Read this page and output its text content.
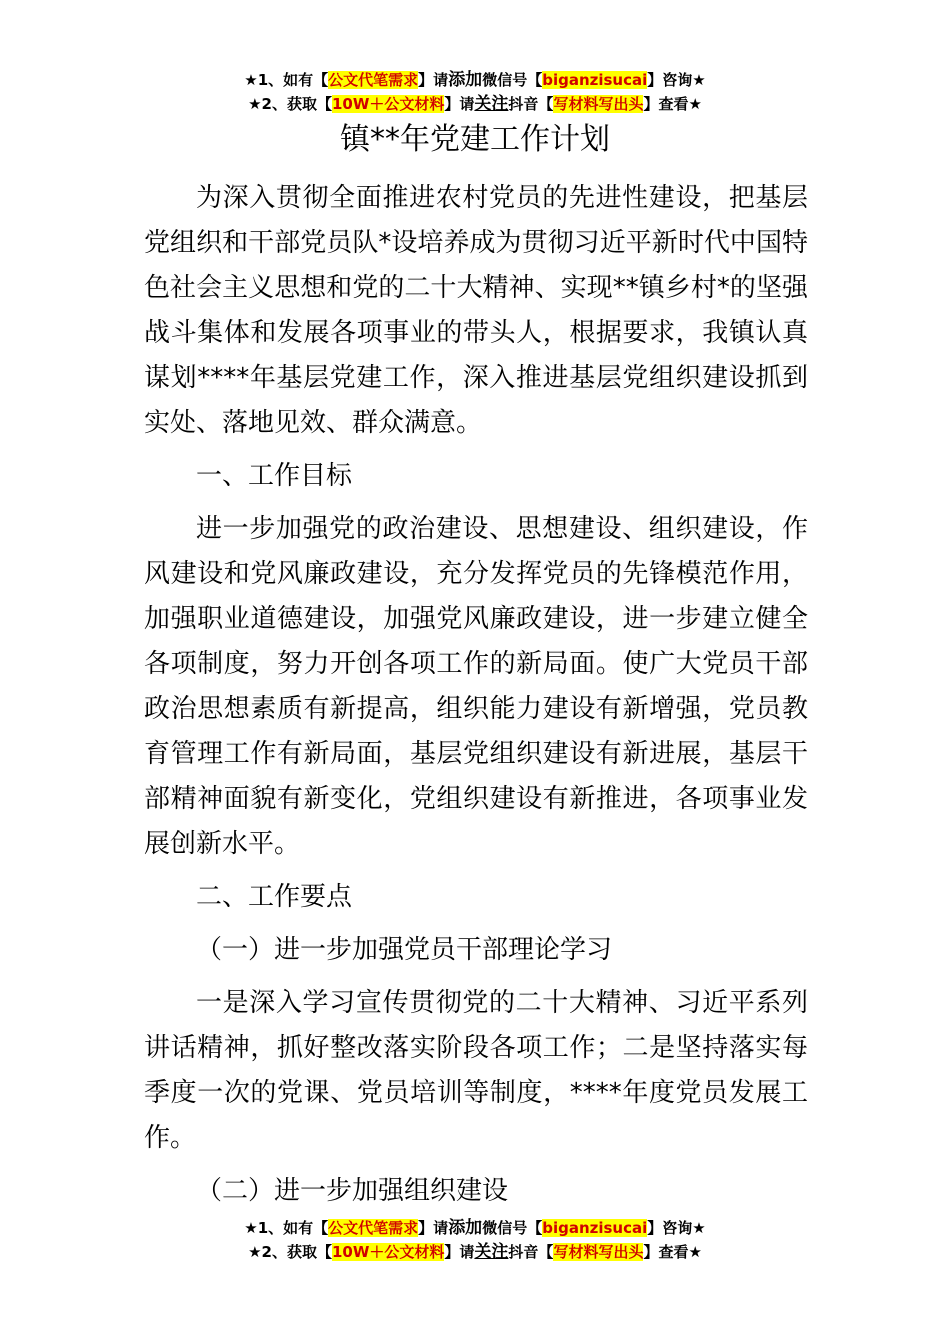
★1、如有【公文代笔需求】请添加微信号【biganzisucai】咨询★
★2、获取【10W＋公文材料】请关注抖音【写材料写出头】查看★
镇**年党建工作计划

为深入贯彻全面推进农村党员的先进性建设，把基层党组织和干部党员队*设培养成为贯彻习近平新时代中国特色社会主义思想和党的二十大精神、实现**镇乡村*的坚强战斗集体和发展各项事业的带头人，根据要求，我镇认真谋划****年基层党建工作，深入推进基层党组织建设抓到实处、落地见效、群众满意。

一、工作目标

进一步加强党的政治建设、思想建设、组织建设，作风建设和党风廉政建设，充分发挥党员的先锋模范作用，加强职业道德建设，加强党风廉政建设，进一步建立健全各项制度，努力开创各项工作的新局面。使广大党员干部政治思想素质有新提高，组织能力建设有新增强，党员教育管理工作有新局面，基层党组织建设有新进展，基层干部精神面貌有新变化，党组织建设有新推进，各项事业发展创新水平。

二、工作要点

（一）进一步加强党员干部理论学习

一是深入学习宣传贯彻党的二十大精神、习近平系列讲话精神，抓好整改落实阶段各项工作；二是坚持落实每季度一次的党课、党员培训等制度，****年度党员发展工作。

（二）进一步加强组织建设

★1、如有【公文代笔需求】请添加微信号【biganzisucai】咨询★
★2、获取【10W＋公文材料】请关注抖音【写材料写出头】查看★
